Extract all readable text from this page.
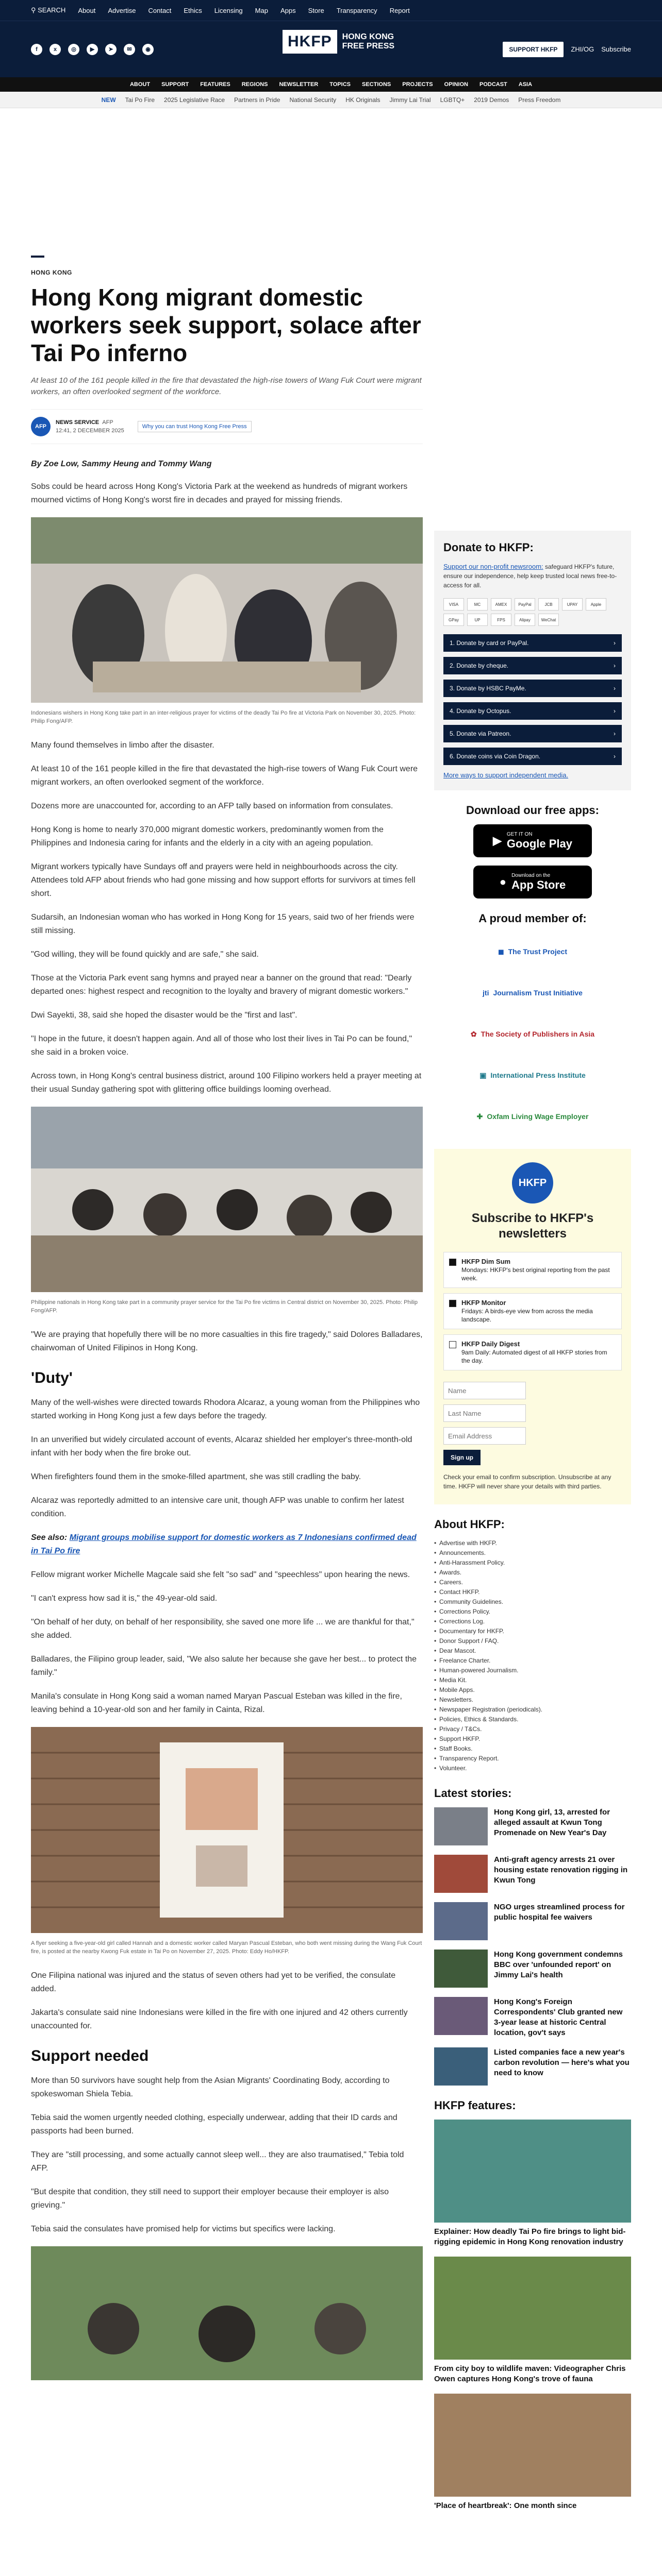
⚲ SEARCH About Advertise Contact Ethics Licensing Map Apps Store Transparency Report
f	x	◎	▶	➤	✉	◉	HKFP	HONG KONG FREE PRESS	SUPPORT HKFP	ZHI/OG Subscribe
ABOUT SUPPORT FEATURES REGIONS NEWSLETTER TOPICS SECTIONS PROJECTS OPINION PODCAST ASIA
NEW Tai Po Fire 2025 Legislative Race Partners in Pride National Security HK Originals Jimmy Lai Trial LGBTQ+ 2019 Demos Press Freedom
HONG KONG
Hong Kong migrant domestic workers seek support, solace after Tai Po inferno
At least 10 of the 161 people killed in the fire that devastated the high-rise towers of Wang Fuk Court were migrant workers, an often overlooked segment of the workforce.
AFP
NEWS SERVICE AFP
12:41, 2 DECEMBER 2025
Why you can trust Hong Kong Free Press
By Zoe Low, Sammy Heung and Tommy Wang

Sobs could be heard across Hong Kong's Victoria Park at the weekend as hundreds of migrant workers mourned victims of Hong Kong's worst fire in decades and prayed for missing friends.

Indonesians wishers in Hong Kong take part in an inter-religious prayer for victims of the deadly Tai Po fire at Victoria Park on November 30, 2025. Photo: Philip Fong/AFP.

Many found themselves in limbo after the disaster.

At least 10 of the 161 people killed in the fire that devastated the high-rise towers of Wang Fuk Court were migrant workers, an often overlooked segment of the workforce.

Dozens more are unaccounted for, according to an AFP tally based on information from consulates.

Hong Kong is home to nearly 370,000 migrant domestic workers, predominantly women from the Philippines and Indonesia caring for infants and the elderly in a city with an ageing population.

Migrant workers typically have Sundays off and prayers were held in neighbourhoods across the city. Attendees told AFP about friends who had gone missing and how support efforts for survivors at times fell short.

Sudarsih, an Indonesian woman who has worked in Hong Kong for 15 years, said two of her friends were still missing.

"God willing, they will be found quickly and are safe," she said.

Those at the Victoria Park event sang hymns and prayed near a banner on the ground that read: "Dearly departed ones: highest respect and recognition to the loyalty and bravery of migrant domestic workers."

Dwi Sayekti, 38, said she hoped the disaster would be the "first and last".

"I hope in the future, it doesn't happen again. And all of those who lost their lives in Tai Po can be found," she said in a broken voice.

Across town, in Hong Kong's central business district, around 100 Filipino workers held a prayer meeting at their usual Sunday gathering spot with glittering office buildings looming overhead.

Philippine nationals in Hong Kong take part in a community prayer service for the Tai Po fire victims in Central district on November 30, 2025. Photo: Philip Fong/AFP.

"We are praying that hopefully there will be no more casualties in this fire tragedy," said Dolores Balladares, chairwoman of United Filipinos in Hong Kong.

'Duty'

Many of the well-wishes were directed towards Rhodora Alcaraz, a young woman from the Philippines who started working in Hong Kong just a few days before the tragedy.

In an unverified but widely circulated account of events, Alcaraz shielded her employer's three-month-old infant with her body when the fire broke out.

When firefighters found them in the smoke-filled apartment, she was still cradling the baby.

Alcaraz was reportedly admitted to an intensive care unit, though AFP was unable to confirm her latest condition.

See also: Migrant groups mobilise support for domestic workers as 7 Indonesians confirmed dead in Tai Po fire

Fellow migrant worker Michelle Magcale said she felt "so sad" and "speechless" upon hearing the news.

"I can't express how sad it is," the 49-year-old said.

"On behalf of her duty, on behalf of her responsibility, she saved one more life ... we are thankful for that," she added.

Balladares, the Filipino group leader, said, "We also salute her because she gave her best... to protect the family."

Manila's consulate in Hong Kong said a woman named Maryan Pascual Esteban was killed in the fire, leaving behind a 10-year-old son and her family in Cainta, Rizal.

A flyer seeking a five-year-old girl called Hannah and a domestic worker called Maryan Pascual Esteban, who both went missing during the Wang Fuk Court fire, is posted at the nearby Kwong Fuk estate in Tai Po on November 27, 2025. Photo: Eddy Ho/HKFP.

One Filipina national was injured and the status of seven others had yet to be verified, the consulate added.

Jakarta's consulate said nine Indonesians were killed in the fire with one injured and 42 others currently unaccounted for.

Support needed

More than 50 survivors have sought help from the Asian Migrants' Coordinating Body, according to spokeswoman Shiela Tebia.

Tebia said the women urgently needed clothing, especially underwear, adding that their ID cards and passports had been burned.

They are "still processing, and some actually cannot sleep well... they are also traumatised," Tebia told AFP.

"But despite that condition, they still need to support their employer because their employer is also grieving."

Tebia said the consulates have promised help for victims but specifics were lacking.

Donate to HKFP:
Support our non-profit newsroom: safeguard HKFP's future, ensure our independence, help keep trusted local news free-to-access for all.
VISA	MC	AMEX	PayPal	JCB	UPAY	Apple
GPay	UP	FPS	Alipay	WeChat
1. Donate by card or PayPal.	›
2. Donate by cheque.	›
3. Donate by HSBC PayMe.	›
4. Donate by Octopus.	›
5. Donate via Patreon.	›
6. Donate coins via Coin Dragon.	›
More ways to support independent media.
Download our free apps:
▶ GET IT ON
Google Play
● Download on the
App Store
A proud member of:
◼ The Trust Project
jti Journalism Trust Initiative
✿ The Society of Publishers in Asia
▣ International Press Institute
✚ Oxfam Living Wage Employer
HKFP
Subscribe to HKFP's newsletters
HKFP Dim Sum
Mondays: HKFP's best original reporting from the past week.
HKFP Monitor
Fridays: A birds-eye view from across the media landscape.
HKFP Daily Digest
9am Daily: Automated digest of all HKFP stories from the day.
Name
Last Name
Email Address Sign up
Check your email to confirm subscription. Unsubscribe at any time. HKFP will never share your details with third parties.
About HKFP:
• Advertise with HKFP.
• Announcements.
• Anti-Harassment Policy.
• Awards.
• Careers.
• Contact HKFP.
• Community Guidelines.
• Corrections Policy.
• Corrections Log.
• Documentary for HKFP.
• Donor Support / FAQ.
• Dear Mascot.
• Freelance Charter.
• Human-powered Journalism.
• Media Kit.
• Mobile Apps.
• Newsletters.
• Newspaper Registration (periodicals).
• Policies, Ethics & Standards.
• Privacy / T&Cs.
• Support HKFP.
• Staff Books.
• Transparency Report.
• Volunteer.
Latest stories:
Hong Kong girl, 13, arrested for alleged assault at Kwun Tong Promenade on New Year's Day
Anti-graft agency arrests 21 over housing estate renovation rigging in Kwun Tong
NGO urges streamlined process for public hospital fee waivers
Hong Kong government condemns BBC over 'unfounded report' on Jimmy Lai's health
Hong Kong's Foreign Correspondents' Club granted new 3-year lease at historic Central location, gov't says
Listed companies face a new year's carbon revolution — here's what you need to know
HKFP features:
Explainer: How deadly Tai Po fire brings to light bid-rigging epidemic in Hong Kong renovation industry
From city boy to wildlife maven: Videographer Chris Owen captures Hong Kong's trove of fauna
'Place of heartbreak': One month since
